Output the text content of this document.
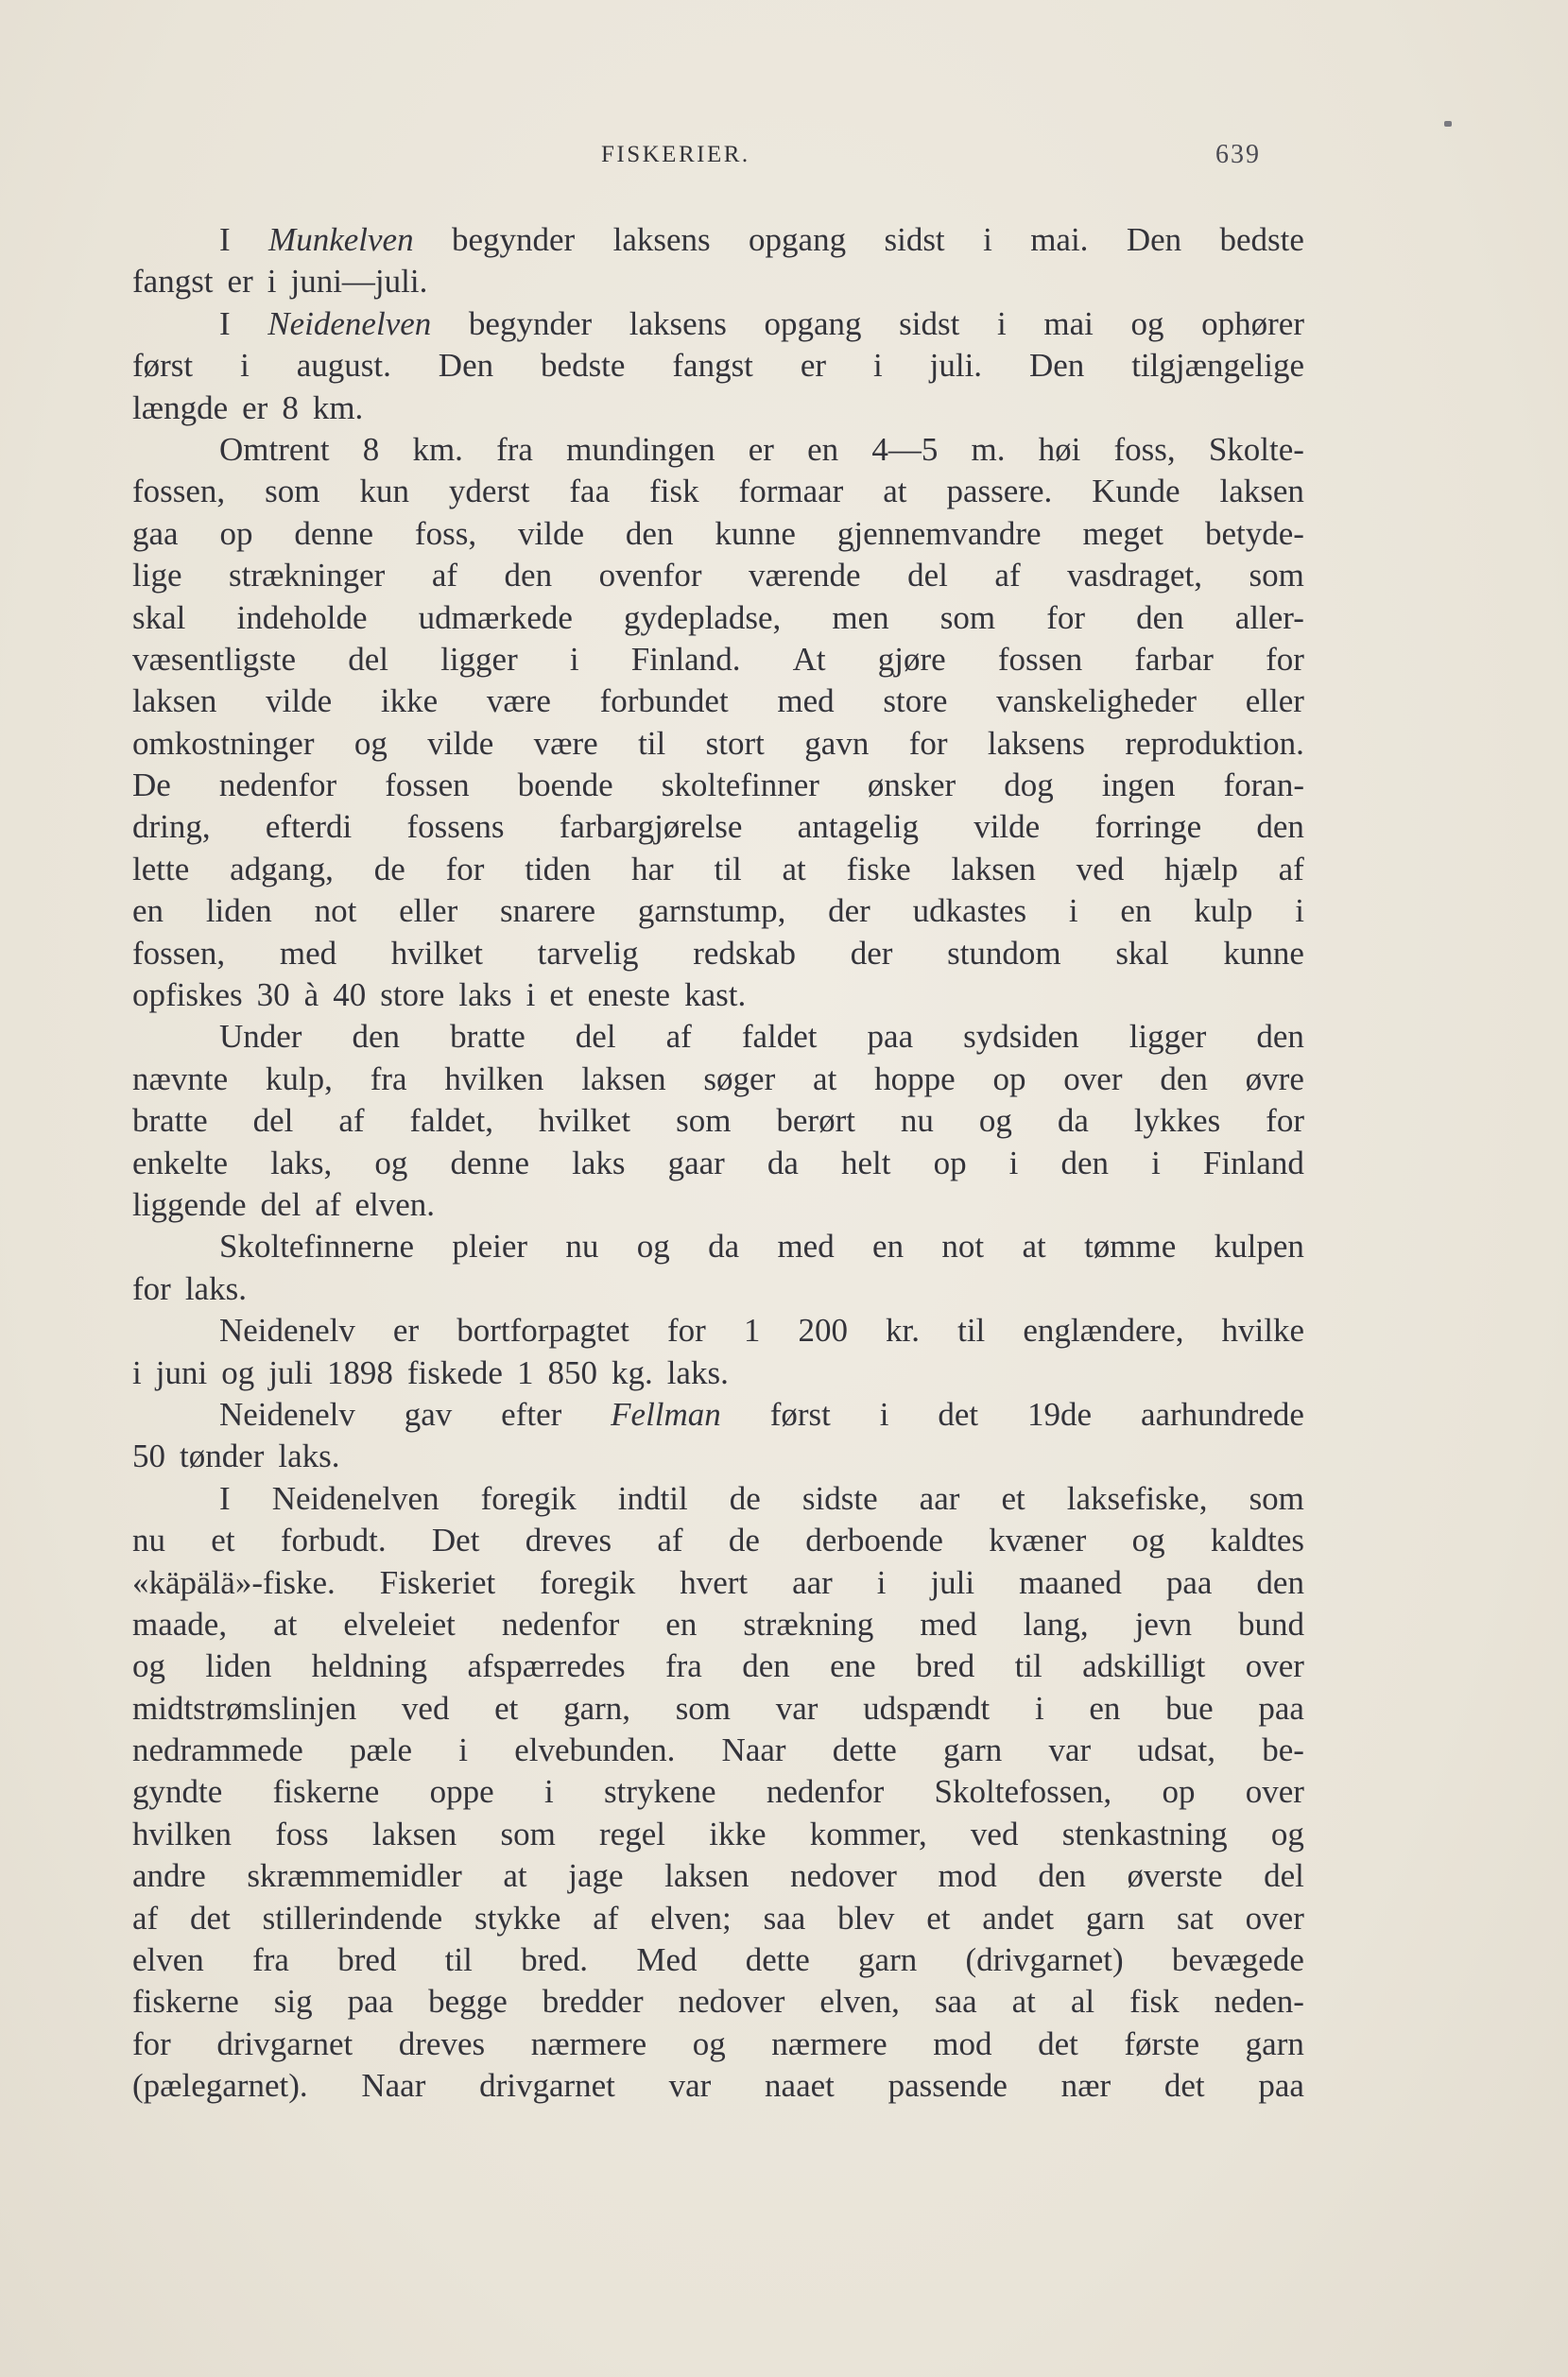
FISKERIER.	639
I Munkelven begynder laksens opgang sidst i mai. Den bedste
fangst er i juni—juli.
I Neidenelven begynder laksens opgang sidst i mai og ophører
først i august. Den bedste fangst er i juli. Den tilgjængelige
længde er 8 km.
Omtrent 8 km. fra mundingen er en 4—5 m. høi foss, Skolte-
fossen, som kun yderst faa fisk formaar at passere. Kunde laksen
gaa op denne foss, vilde den kunne gjennemvandre meget betyde-
lige strækninger af den ovenfor værende del af vasdraget, som
skal indeholde udmærkede gydepladse, men som for den aller-
væsentligste del ligger i Finland. At gjøre fossen farbar for
laksen vilde ikke være forbundet med store vanskeligheder eller
omkostninger og vilde være til stort gavn for laksens reproduktion.
De nedenfor fossen boende skoltefinner ønsker dog ingen foran-
dring, efterdi fossens farbargjørelse antagelig vilde forringe den
lette adgang, de for tiden har til at fiske laksen ved hjælp af
en liden not eller snarere garnstump, der udkastes i en kulp i
fossen, med hvilket tarvelig redskab der stundom skal kunne
opfiskes 30 à 40 store laks i et eneste kast.
Under den bratte del af faldet paa sydsiden ligger den
nævnte kulp, fra hvilken laksen søger at hoppe op over den øvre
bratte del af faldet, hvilket som berørt nu og da lykkes for
enkelte laks, og denne laks gaar da helt op i den i Finland
liggende del af elven.
Skoltefinnerne pleier nu og da med en not at tømme kulpen
for laks.
Neidenelv er bortforpagtet for 1 200 kr. til englændere, hvilke
i juni og juli 1898 fiskede 1 850 kg. laks.
Neidenelv gav efter Fellman først i det 19de aarhundrede
50 tønder laks.
I Neidenelven foregik indtil de sidste aar et laksefiske, som
nu et forbudt. Det dreves af de derboende kvæner og kaldtes
«käpälä»-fiske. Fiskeriet foregik hvert aar i juli maaned paa den
maade, at elveleiet nedenfor en strækning med lang, jevn bund
og liden heldning afspærredes fra den ene bred til adskilligt over
midtstrømslinjen ved et garn, som var udspændt i en bue paa
nedrammede pæle i elvebunden. Naar dette garn var udsat, be-
gyndte fiskerne oppe i strykene nedenfor Skoltefossen, op over
hvilken foss laksen som regel ikke kommer, ved stenkastning og
andre skræmmemidler at jage laksen nedover mod den øverste del
af det stillerindende stykke af elven; saa blev et andet garn sat over
elven fra bred til bred. Med dette garn (drivgarnet) bevægede
fiskerne sig paa begge bredder nedover elven, saa at al fisk neden-
for drivgarnet dreves nærmere og nærmere mod det første garn
(pælegarnet). Naar drivgarnet var naaet passende nær det paa
